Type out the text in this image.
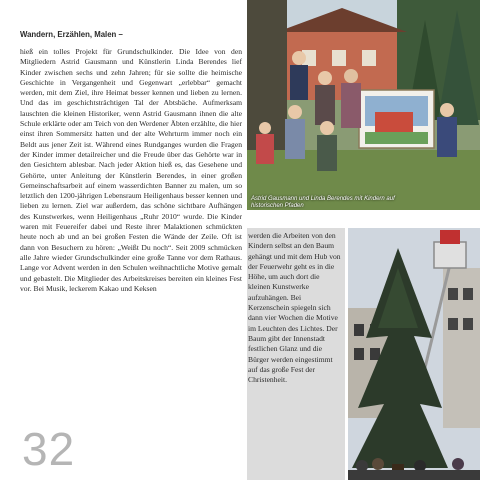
Wandern, Erzählen, Malen –

hieß ein tolles Projekt für Grundschulkinder. Die Idee von den Mitgliedern Astrid Gausmann und Künstlerin Linda Berendes lief Kinder zwischen sechs und zehn Jahren; für sie sollte die heimische Geschichte in Vergangenheit und Gegenwart „erlebbar“ gemacht werden, mit dem Ziel, ihre Heimat besser kennen und lieben zu lernen. Und das im geschichtsträchtigen Tal der Abtsbäche. Aufmerksam lauschten die kleinen Historiker, wenn Astrid Gausmann ihnen die alte Schule erklärte oder am Teich von den Werdener Äbten erzählte, die hier einst ihren Sommersitz hatten und der alte Wehrturm immer noch ein Beldt aus jener Zeit ist. Während eines Rundganges wurden die Fragen der Kinder immer detailreicher und die Freude über das Gehörte war in den Gesichtern ablesbar. Nach jeder Aktion hieß es, das Gesehene und Gehörte, unter Anleitung der Künstlerin Berendes, in einer großen Gemeinschaftsarbeit auf einem wasserdichten Banner zu malen, um so letztlich den 1200-jährigen Lebensraum Heiligenhaus besser kennen und lieben zu lernen. Ziel war außerdem, das schöne sichtbare Aufhängen des Kunstwerkes, wenn Heiligenhaus „Ruhr 2010“ wurde. Die Kinder waren mit Feuereifer dabei und Reste ihrer Malaktionen schmückten heute noch ab und an bei großen Festen die Wände der Zeile. Oft ist dann von Besuchern zu hören: „Weißt Du noch“. Seit 2009 schmücken alle Jahre wieder Grundschulkinder eine große Tanne vor dem Rathaus. Lange vor Advent werden in den Schulen weihnachtliche Motive gemalt und gebastelt. Die Mitglieder des Arbeitskreises bereiten ein kleines Fest vor. Bei Musik, leckerem Kakao und Keksen

32
Astrid Gausmann und Linda Berendes mit Kindern auf historischen Pfaden

werden die Arbeiten von den Kindern selbst an den Baum gehängt und mit dem Hub von der Feuerwehr geht es in die Höhe, um auch dort die kleinen Kunstwerke aufzuhängen. Bei Kerzenschein spiegeln sich dann vier Wochen die Motive im Leuchten des Lichtes. Der Baum gibt der Innenstadt festlichen Glanz und die Bürger werden eingestimmt auf das große Fest der Christenheit.
